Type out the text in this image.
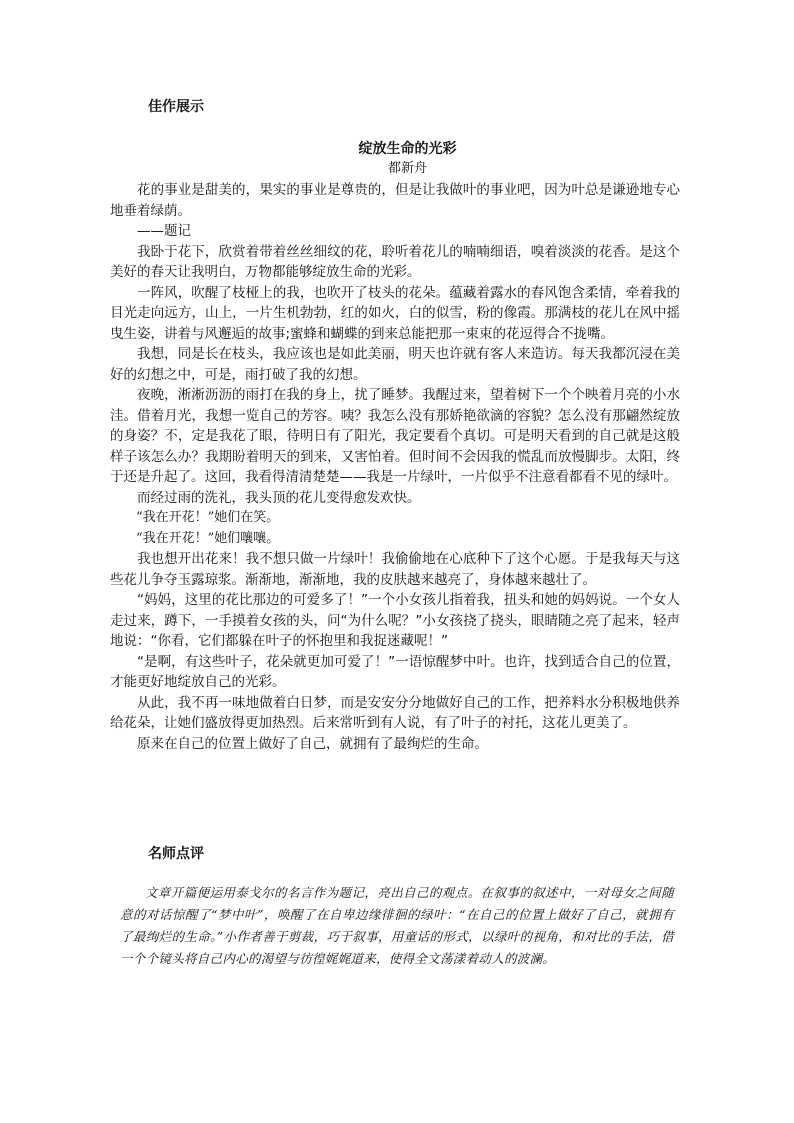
佳作展示
绽放生命的光彩
都新舟

花的事业是甜美的，果实的事业是尊贵的，但是让我做叶的事业吧，因为叶总是谦逊地专心地垂着绿荫。

——题记

我卧于花下，欣赏着带着丝丝细纹的花，聆听着花儿的喃喃细语，嗅着淡淡的花香。是这个美好的春天让我明白，万物都能够绽放生命的光彩。

一阵风，吹醒了枝桠上的我，也吹开了枝头的花朵。蕴藏着露水的春风饱含柔情，牵着我的目光走向远方，山上，一片生机勃勃，红的如火，白的似雪，粉的像霞。那满枝的花儿在风中摇曳生姿，讲着与风邂逅的故事;蜜蜂和蝴蝶的到来总能把那一束束的花逗得合不拢嘴。

我想，同是长在枝头，我应该也是如此美丽，明天也许就有客人来造访。每天我都沉浸在美好的幻想之中，可是，雨打破了我的幻想。

夜晚，淅淅沥沥的雨打在我的身上，扰了睡梦。我醒过来，望着树下一个个映着月亮的小水洼。借着月光，我想一览自己的芳容。咦？我怎么没有那娇艳欲滴的容貌？怎么没有那翩然绽放的身姿？不，定是我花了眼，待明日有了阳光，我定要看个真切。可是明天看到的自己就是这般样子该怎么办？我期盼着明天的到来，又害怕着。但时间不会因我的慌乱而放慢脚步。太阳，终于还是升起了。这回，我看得清清楚楚——我是一片绿叶，一片似乎不注意看都看不见的绿叶。

而经过雨的洗礼，我头顶的花儿变得愈发欢快。

“我在开花！”她们在笑。

“我在开花！”她们嚷嚷。

我也想开出花来！我不想只做一片绿叶！我偷偷地在心底种下了这个心愿。于是我每天与这些花儿争夺玉露琼浆。渐渐地，渐渐地，我的皮肤越来越亮了，身体越来越壮了。

“妈妈，这里的花比那边的可爱多了！”一个小女孩儿指着我，扭头和她的妈妈说。一个女人走过来，蹲下，一手摸着女孩的头，问“为什么呢？”小女孩挠了挠头，眼睛随之亮了起来，轻声地说：“你看，它们都躲在叶子的怀抱里和我捉迷藏呢！”

“是啊，有这些叶子，花朵就更加可爱了！”一语惊醒梦中叶。也许，找到适合自己的位置，才能更好地绽放自己的光彩。

从此，我不再一味地做着白日梦，而是安安分分地做好自己的工作，把养料水分积极地供养给花朵，让她们盛放得更加热烈。后来常听到有人说，有了叶子的衬托，这花儿更美了。

原来在自己的位置上做好了自己，就拥有了最绚烂的生命。

名师点评

文章开篇便运用泰戈尔的名言作为题记，亮出自己的观点。在叙事的叙述中，一对母女之间随意的对话惊醒了“梦中叶”，唤醒了在自卑边缘徘徊的绿叶：“在自己的位置上做好了自己，就拥有了最绚烂的生命。”小作者善于剪裁，巧于叙事，用童话的形式，以绿叶的视角，和对比的手法，借一个个镜头将自己内心的渴望与彷徨娓娓道来，使得全文荡漾着动人的波澜。
